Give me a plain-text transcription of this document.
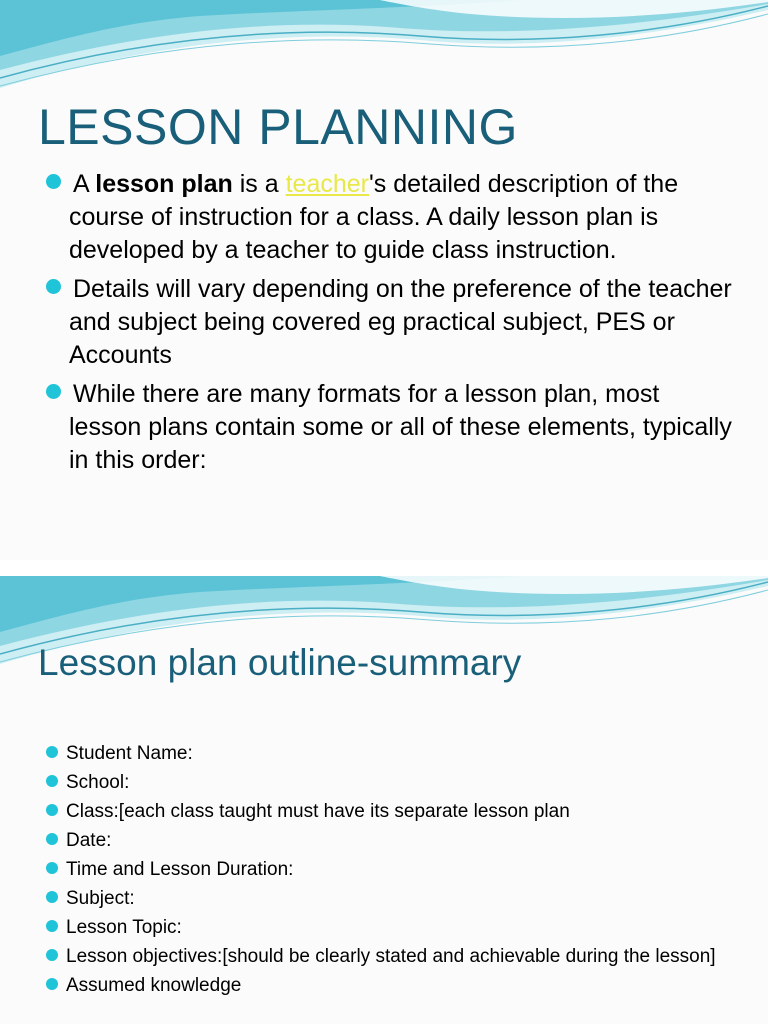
LESSON PLANNING
A lesson plan is a teacher's detailed description of the course of instruction for a class. A daily lesson plan is developed by a teacher to guide class instruction.
Details will vary depending on the preference of the teacher and subject being covered eg practical subject, PES or Accounts
While there are many formats for a lesson plan, most lesson plans contain some or all of these elements, typically in this order:
Lesson plan outline-summary
Student Name:
School:
Class:[each class taught must have its separate lesson plan
Date:
Time and Lesson Duration:
Subject:
Lesson Topic:
Lesson objectives:[should be clearly stated and achievable during the lesson]
Assumed knowledge
